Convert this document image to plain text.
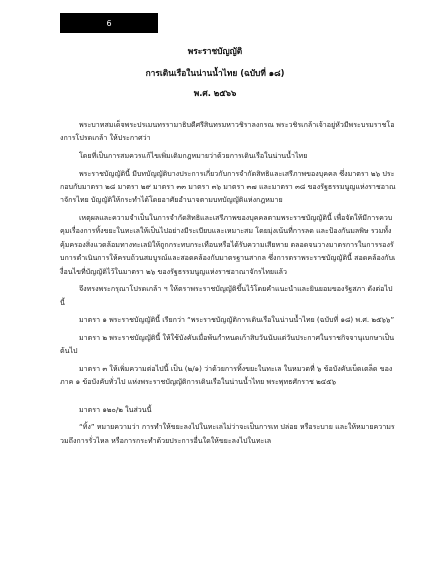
6
พระราชบัญญัติ
การเดินเรือในน่านน้ำไทย (ฉบับที่ ๑๘)
พ.ศ. ๒๕๖๖

พระบาทสมเด็จพระปรเมนทรรามาธิบดีศรีสินทรมหาวชิราลงกรณ พระวชิรเกล้าเจ้าอยู่หัวมีพระบรมราชโองการโปรดเกล้า ให้ประกาศว่า

โดยที่เป็นการสมควรแก้ไขเพิ่มเติมกฎหมายว่าด้วยการเดินเรือในน่านน้ำไทย

พระราชบัญญัตินี้ มีบทบัญญัติบางประการเกี่ยวกับการจำกัดสิทธิและเสรีภาพของบุคคล ซึ่งมาตรา ๒๖ ประกอบกับมาตรา ๒๘ มาตรา ๒๙ มาตรา ๓๓ มาตรา ๓๖ มาตรา ๓๗ และมาตรา ๓๘ ของรัฐธรรมนูญแห่งราชอาณาจักรไทย บัญญัติให้กระทำได้โดยอาศัยอำนาจตามบทบัญญัติแห่งกฎหมาย

เหตุผลและความจำเป็นในการจำกัดสิทธิและเสรีภาพของบุคคลตามพระราชบัญญัตินี้ เพื่อจัดให้มีการควบคุมเรื่องการทิ้งขยะในทะเลให้เป็นไปอย่างมีระเบียบและเหมาะสม โดยมุ่งเน้นที่การลด และป้องกันมลพิษ รวมทั้งคุ้มครองสิ่งแวดล้อมทางทะเลมิให้ถูกกระทบกระเทือนหรือได้รับความเสียหาย ตลอดจนวางมาตรการในการรองรับการดำเนินการให้ครบถ้วนสมบูรณ์และสอดคล้องกับมาตรฐานสากล ซึ่งการตราพระราชบัญญัตินี้ สอดคล้องกับเงื่อนไขที่บัญญัติไว้ในมาตรา ๒๖ ของรัฐธรรมนูญแห่งราชอาณาจักรไทยแล้ว

จึงทรงพระกรุณาโปรดเกล้า ฯ ให้ตราพระราชบัญญัติขึ้นไว้โดยคำแนะนำและยินยอมของรัฐสภา ดังต่อไปนี้

มาตรา ๑ พระราชบัญญัตินี้ เรียกว่า “พระราชบัญญัติการเดินเรือในน่านน้ำไทย (ฉบับที่ ๑๘) พ.ศ. ๒๕๖๖”

มาตรา ๒ พระราชบัญญัตินี้ ให้ใช้บังคับเมื่อพ้นกำหนดเก้าสิบวันนับแต่วันประกาศในราชกิจจานุเบกษาเป็นต้นไป

มาตรา ๓ ให้เพิ่มความต่อไปนี้ เป็น (๒/๑) ว่าด้วยการทิ้งขยะในทะเล ในหมวดที่ ๖ ข้อบังคับเบ็ดเตล็ด ของภาค ๑ ข้อบังคับทั่วไป แห่งพระราชบัญญัติการเดินเรือในน่านน้ำไทย พระพุทธศักราช ๒๔๕๖

มาตรา ๑๒๐/๒ ในส่วนนี้

“ทิ้ง” หมายความว่า การทำให้ขยะลงไปในทะเลไม่ว่าจะเป็นการเท ปล่อย หรือระบาย และให้หมายความรวมถึงการรั่วไหล หรือการกระทำด้วยประการอื่นใดให้ขยะลงไปในทะเล
